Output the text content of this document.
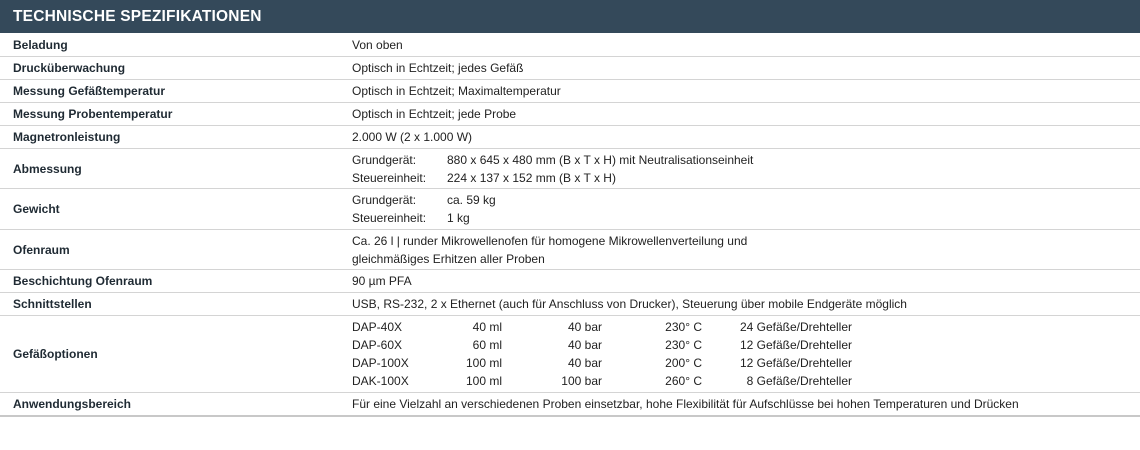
TECHNISCHE SPEZIFIKATIONEN
Beladung	Von oben
Drucküberwachung	Optisch in Echtzeit; jedes Gefäß
Messung Gefäßtemperatur	Optisch in Echtzeit; Maximaltemperatur
Messung Probentemperatur	Optisch in Echtzeit; jede Probe
Magnetronleistung	2.000 W (2 x 1.000 W)
Abmessung
Grundgerät:	880 x 645 x 480 mm (B x T x H) mit Neutralisationseinheit
Steuereinheit:	224 x 137 x 152 mm (B x T x H)
Gewicht
Grundgerät:	ca. 59 kg
Steuereinheit:	1 kg
Ofenraum
Ca. 26 l | runder Mikrowellenofen für homogene Mikrowellenverteilung und
gleichmäßiges Erhitzen aller Proben
Beschichtung Ofenraum	90 µm PFA
Schnittstellen	USB, RS-232, 2 x Ethernet (auch für Anschluss von Drucker), Steuerung über mobile Endgeräte möglich
Gefäßoptionen
DAP-40X	40 ml	40 bar	230° C	24 Gefäße/Drehteller
DAP-60X	60 ml	40 bar	230° C	12 Gefäße/Drehteller
DAP-100X	100 ml	40 bar	200° C	12 Gefäße/Drehteller
DAK-100X	100 ml	100 bar	260° C	8 Gefäße/Drehteller
Anwendungsbereich	Für eine Vielzahl an verschiedenen Proben einsetzbar, hohe Flexibilität für Aufschlüsse bei hohen Temperaturen und Drücken
